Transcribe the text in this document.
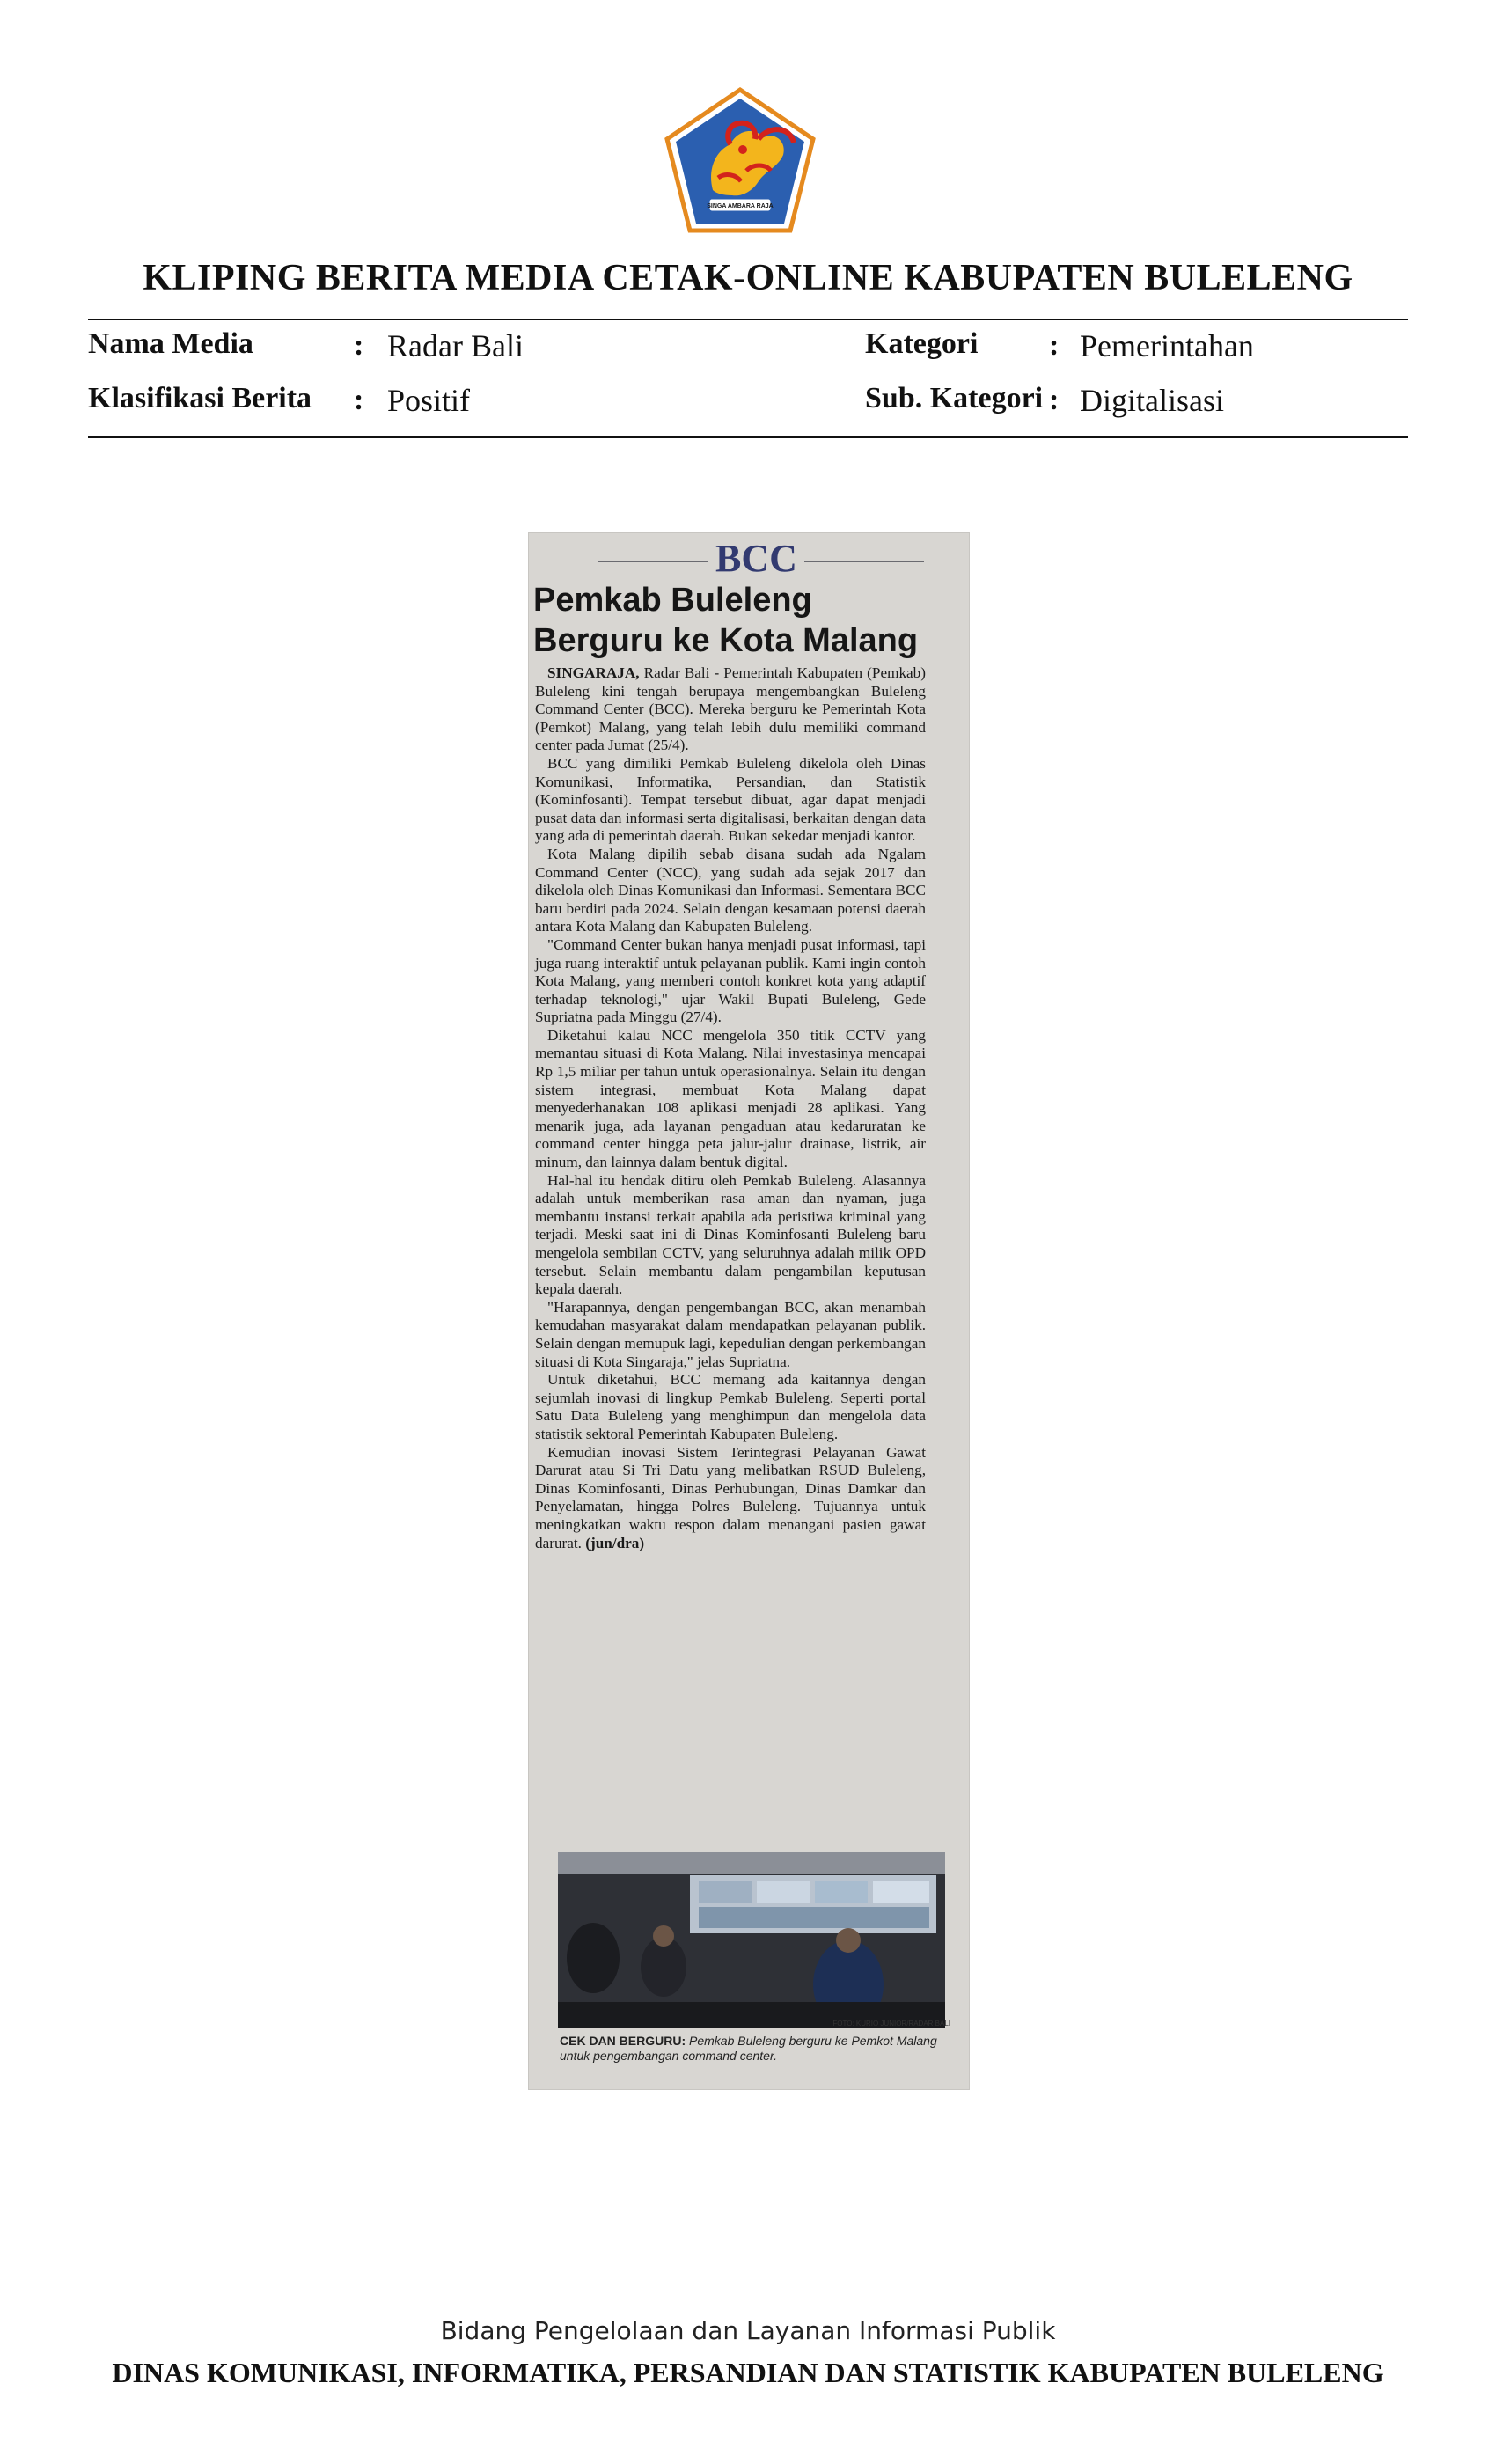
SINGA AMBARA RAJA
KLIPING BERITA MEDIA CETAK-ONLINE KABUPATEN BULELENG
Nama Media	: Radar Bali
Klasifikasi Berita : Positif
Kategori : Pemerintahan
Sub. Kategori : Digitalisasi
BCC
Pemkab Buleleng Berguru ke Kota Malang

SINGARAJA, Radar Bali - Pemerintah Kabupaten (Pemkab) Buleleng kini tengah berupaya mengembangkan Buleleng Command Center (BCC). Mereka berguru ke Pemerintah Kota (Pemkot) Malang, yang telah lebih dulu memiliki command center pada Jumat (25/4).

BCC yang dimiliki Pemkab Buleleng dikelola oleh Dinas Komunikasi, Informatika, Persandian, dan Statistik (Kominfosanti). Tempat tersebut dibuat, agar dapat menjadi pusat data dan informasi serta digitalisasi, berkaitan dengan data yang ada di pemerintah daerah. Bukan sekedar menjadi kantor.

Kota Malang dipilih sebab disana sudah ada Ngalam Command Center (NCC), yang sudah ada sejak 2017 dan dikelola oleh Dinas Komunikasi dan Informasi. Sementara BCC baru berdiri pada 2024. Selain dengan kesamaan potensi daerah antara Kota Malang dan Kabupaten Buleleng.

"Command Center bukan hanya menjadi pusat informasi, tapi juga ruang interaktif untuk pelayanan publik. Kami ingin contoh Kota Malang, yang memberi contoh konkret kota yang adaptif terhadap teknologi," ujar Wakil Bupati Buleleng, Gede Supriatna pada Minggu (27/4).

Diketahui kalau NCC mengelola 350 titik CCTV yang memantau situasi di Kota Malang. Nilai investasinya mencapai Rp 1,5 miliar per tahun untuk operasionalnya. Selain itu dengan sistem integrasi, membuat Kota Malang dapat menyederhanakan 108 aplikasi menjadi 28 aplikasi. Yang menarik juga, ada layanan pengaduan atau kedaruratan ke command center hingga peta jalur-jalur drainase, listrik, air minum, dan lainnya dalam bentuk digital.

Hal-hal itu hendak ditiru oleh Pemkab Buleleng. Alasannya adalah untuk memberikan rasa aman dan nyaman, juga membantu instansi terkait apabila ada peristiwa kriminal yang terjadi. Meski saat ini di Dinas Kominfosanti Buleleng baru mengelola sembilan CCTV, yang seluruhnya adalah milik OPD tersebut. Selain membantu dalam pengambilan keputusan kepala daerah.

"Harapannya, dengan pengembangan BCC, akan menambah kemudahan masyarakat dalam mendapatkan pelayanan publik. Selain dengan memupuk lagi, kepedulian dengan perkembangan situasi di Kota Singaraja," jelas Supriatna.

Untuk diketahui, BCC memang ada kaitannya dengan sejumlah inovasi di lingkup Pemkab Buleleng. Seperti portal Satu Data Buleleng yang menghimpun dan mengelola data statistik sektoral Pemerintah Kabupaten Buleleng.

Kemudian inovasi Sistem Terintegrasi Pelayanan Gawat Darurat atau Si Tri Datu yang melibatkan RSUD Buleleng, Dinas Kominfosanti, Dinas Perhubungan, Dinas Damkar dan Penyelamatan, hingga Polres Buleleng. Tujuannya untuk meningkatkan waktu respon dalam menangani pasien gawat darurat. (jun/dra)

FOTO: KURIO JUNIOR/RADAR BALI
CEK DAN BERGURU: Pemkab Buleleng berguru ke Pemkot Malang untuk pengembangan command center.
Bidang Pengelolaan dan Layanan Informasi Publik
DINAS KOMUNIKASI, INFORMATIKA, PERSANDIAN DAN STATISTIK KABUPATEN BULELENG
